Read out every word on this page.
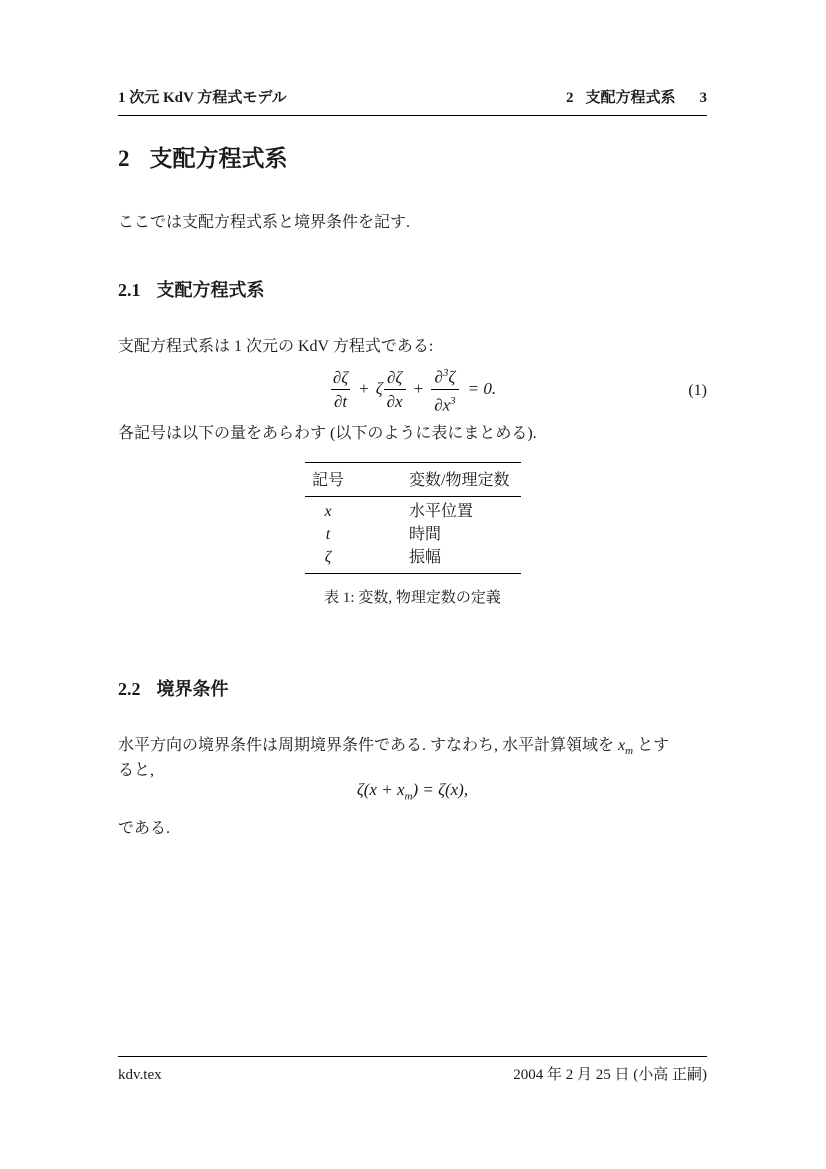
1 次元 KdV 方程式モデル	2 支配方程式系 3
2 支配方程式系
ここでは支配方程式系と境界条件を記す.
2.1 支配方程式系
支配方程式系は 1 次元の KdV 方程式である:
$\frac{\partial\zeta}{\partial t} + \zeta \frac{\partial\zeta}{\partial x} + \frac{\partial^3\zeta}{\partial x^3} = 0$.	(1)
各記号は以下の量をあらわす (以下のように表にまとめる).
記号	変数/物理定数
x	水平位置
t	時間
ζ	振幅
表 1: 変数, 物理定数の定義
2.2 境界条件
水平方向の境界条件は周期境界条件である. すなわち, 水平計算領域を $x_m$ とす
ると,
$\zeta(x + x_m) = \zeta(x)$,
である.
kdv.tex	2004 年 2 月 25 日 (小高 正嗣)
